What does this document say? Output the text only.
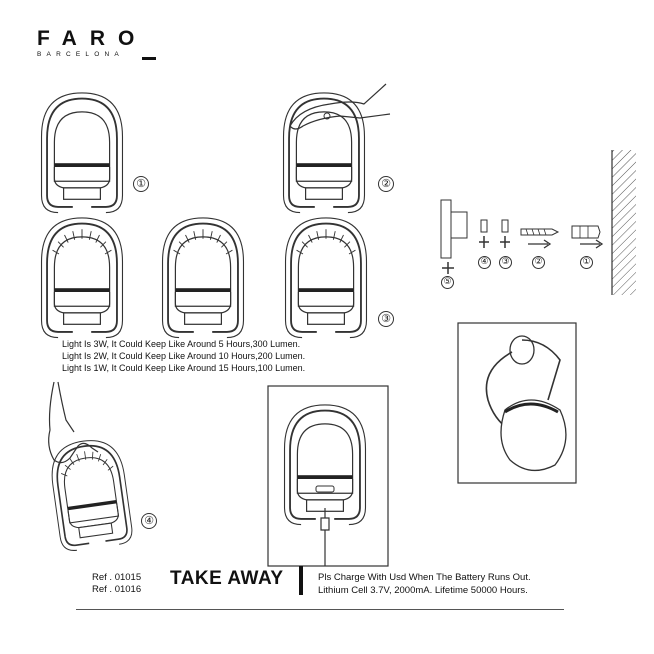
FARO
BARCELONA
①	②
③
④
⑤
④ ③	②	①
Light Is 3W, It Could Keep Like Around 5 Hours,300 Lumen.
Light Is 2W, It Could Keep Like Around 10 Hours,200 Lumen.
Light Is 1W, It Could Keep Like Around 15 Hours,100 Lumen.
Ref . 01015
Ref . 01016
TAKE AWAY	Pls Charge With Usd When The Battery Runs Out.
Lithium Cell 3.7V, 2000mA. Lifetime 50000 Hours.
